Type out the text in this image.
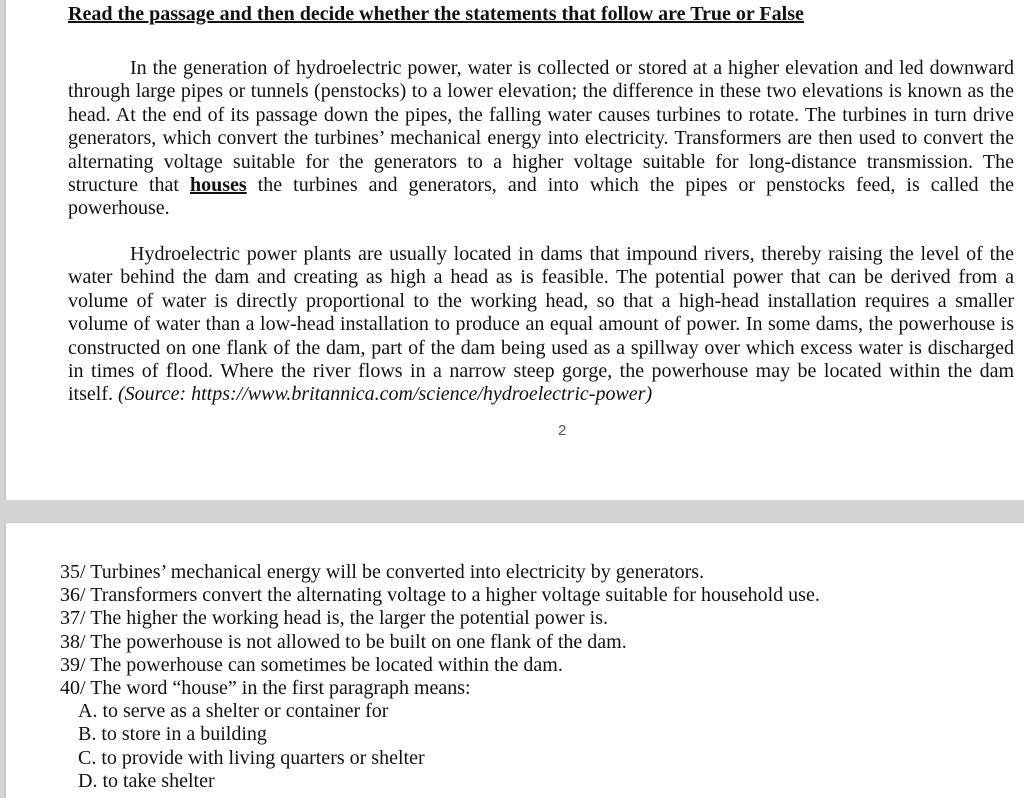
Read the passage and then decide whether the statements that follow are True or False

In the generation of hydroelectric power, water is collected or stored at a higher elevation and led downward through large pipes or tunnels (penstocks) to a lower elevation; the difference in these two elevations is known as the head. At the end of its passage down the pipes, the falling water causes turbines to rotate. The turbines in turn drive generators, which convert the turbines’ mechanical energy into electricity. Transformers are then used to convert the alternating voltage suitable for the generators to a higher voltage suitable for long-distance transmission. The structure that houses the turbines and generators, and into which the pipes or penstocks feed, is called the powerhouse.

Hydroelectric power plants are usually located in dams that impound rivers, thereby raising the level of the water behind the dam and creating as high a head as is feasible. The potential power that can be derived from a volume of water is directly proportional to the working head, so that a high-head installation requires a smaller volume of water than a low-head installation to produce an equal amount of power. In some dams, the powerhouse is constructed on one flank of the dam, part of the dam being used as a spillway over which excess water is discharged in times of flood. Where the river flows in a narrow steep gorge, the powerhouse may be located within the dam itself. (Source: https://www.britannica.com/science/hydroelectric-power)

2
35/ Turbines’ mechanical energy will be converted into electricity by generators.
36/ Transformers convert the alternating voltage to a higher voltage suitable for household use.
37/ The higher the working head is, the larger the potential power is.
38/ The powerhouse is not allowed to be built on one flank of the dam.
39/ The powerhouse can sometimes be located within the dam.
40/ The word “house” in the first paragraph means:
A. to serve as a shelter or container for
B. to store in a building
C. to provide with living quarters or shelter
D. to take shelter
